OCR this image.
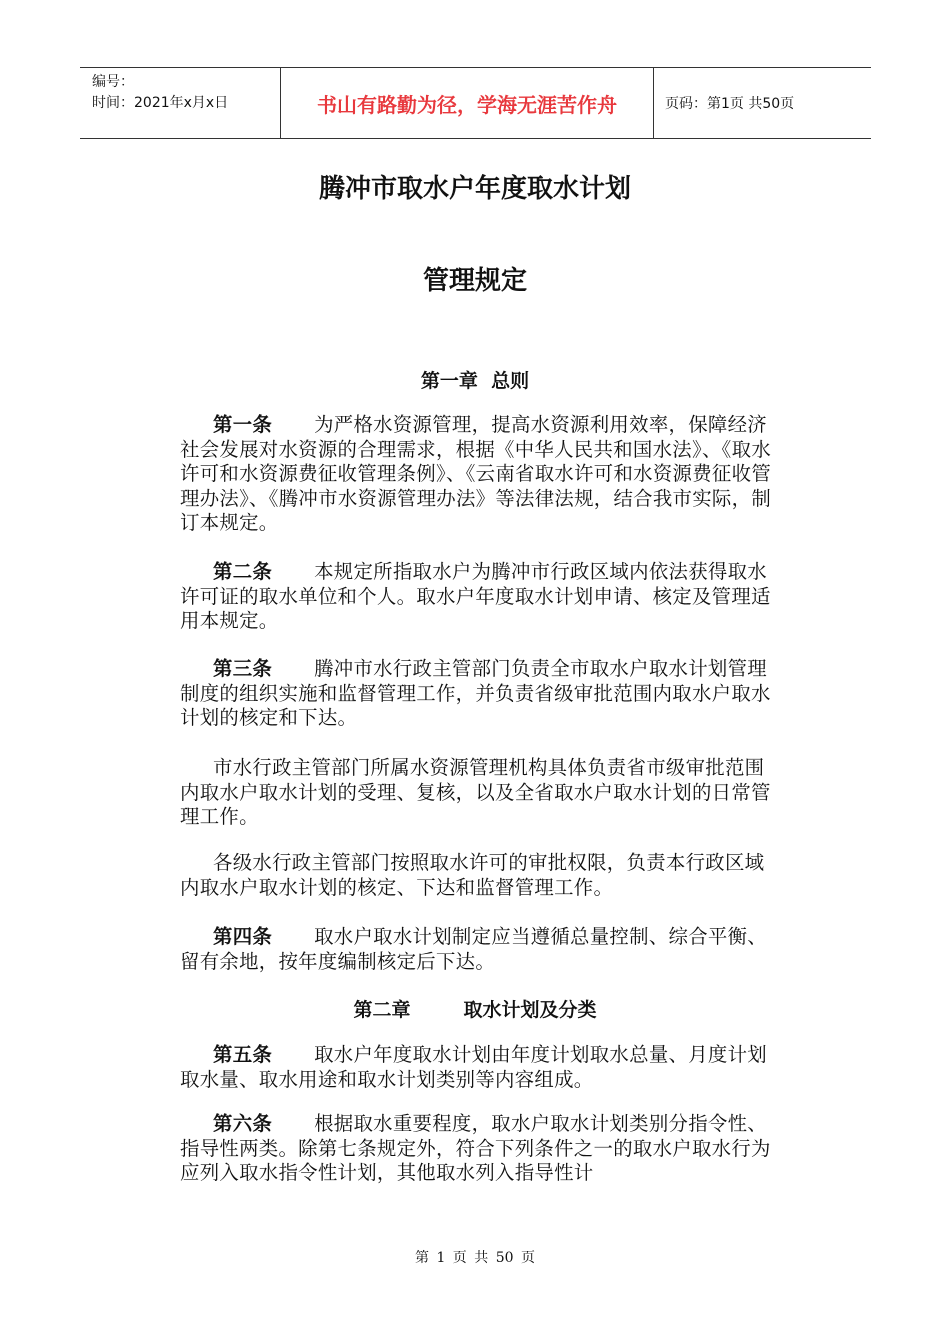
编号：
时间：2021年x月x日	书山有路勤为径，学海无涯苦作舟	页码：第1页 共50页
腾冲市取水户年度取水计划
管理规定
第一章  总则

第一条 为严格水资源管理，提高水资源利用效率，保障经济社会发展对水资源的合理需求，根据《中华人民共和国水法》、《取水许可和水资源费征收管理条例》、《云南省取水许可和水资源费征收管理办法》、《腾冲市水资源管理办法》等法律法规，结合我市实际，制订本规定。

第二条 本规定所指取水户为腾冲市行政区域内依法获得取水许可证的取水单位和个人。取水户年度取水计划申请、核定及管理适用本规定。

第三条 腾冲市水行政主管部门负责全市取水户取水计划管理制度的组织实施和监督管理工作，并负责省级审批范围内取水户取水计划的核定和下达。

市水行政主管部门所属水资源管理机构具体负责省市级审批范围内取水户取水计划的受理、复核，以及全省取水户取水计划的日常管理工作。

各级水行政主管部门按照取水许可的审批权限，负责本行政区域内取水户取水计划的核定、下达和监督管理工作。

第四条 取水户取水计划制定应当遵循总量控制、综合平衡、留有余地，按年度编制核定后下达。

第二章        取水计划及分类

第五条 取水户年度取水计划由年度计划取水总量、月度计划取水量、取水用途和取水计划类别等内容组成。

第六条 根据取水重要程度，取水户取水计划类别分指令性、指导性两类。除第七条规定外，符合下列条件之一的取水户取水行为应列入取水指令性计划，其他取水列入指导性计

第 1 页 共 50 页
